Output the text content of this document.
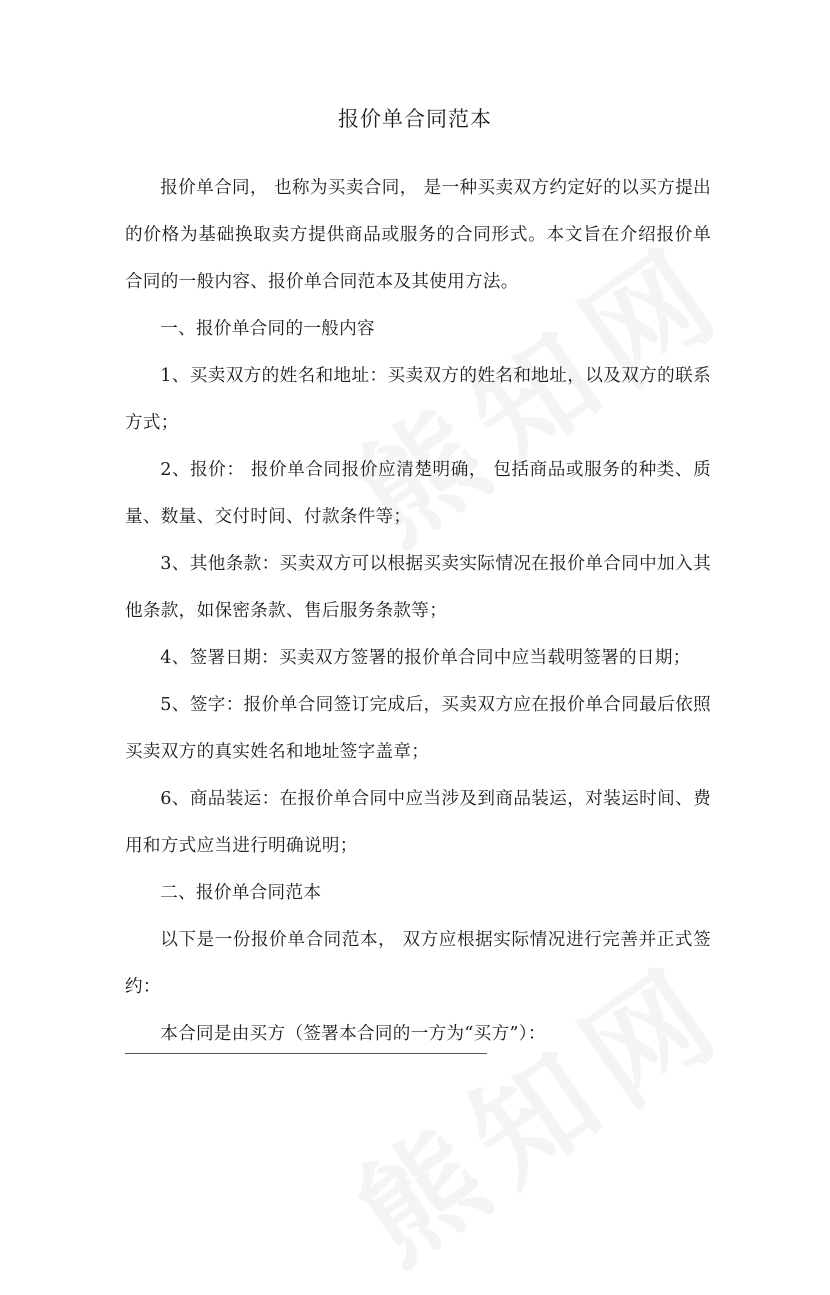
报价单合同范本

报价单合同， 也称为买卖合同， 是一种买卖双方约定好的以买方提出的价格为基础换取卖方提供商品或服务的合同形式。本文旨在介绍报价单合同的一般内容、报价单合同范本及其使用方法。

一、报价单合同的一般内容

1、买卖双方的姓名和地址：买卖双方的姓名和地址，以及双方的联系方式；

2、报价： 报价单合同报价应清楚明确， 包括商品或服务的种类、质量、数量、交付时间、付款条件等；

3、其他条款：买卖双方可以根据买卖实际情况在报价单合同中加入其他条款，如保密条款、售后服务条款等；

4、签署日期：买卖双方签署的报价单合同中应当载明签署的日期；

5、签字：报价单合同签订完成后，买卖双方应在报价单合同最后依照买卖双方的真实姓名和地址签字盖章；

6、商品装运：在报价单合同中应当涉及到商品装运，对装运时间、费用和方式应当进行明确说明；

二、报价单合同范本

以下是一份报价单合同范本， 双方应根据实际情况进行完善并正式签约：

本合同是由买方（签署本合同的一方为“买方”）：
